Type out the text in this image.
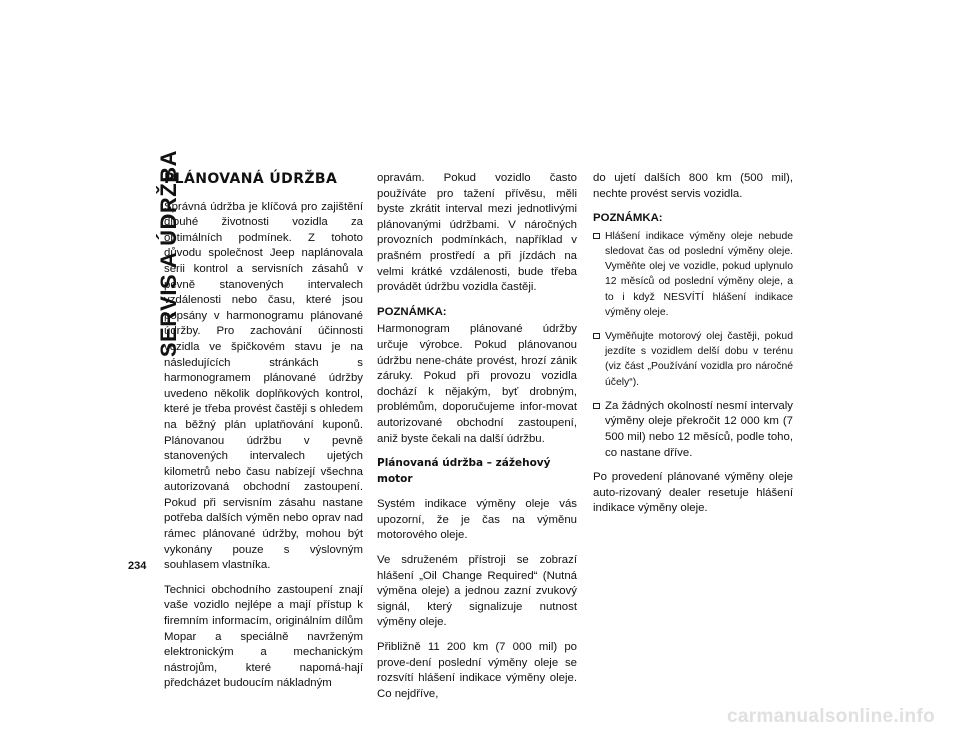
SERVIS A ÚDRŽBA
234
PLÁNOVANÁ ÚDRŽBA

Správná údržba je klíčová pro zajištění dlouhé životnosti vozidla za optimálních podmínek. Z tohoto důvodu společnost Jeep naplánovala sérii kontrol a servisních zásahů v pevně stanovených intervalech vzdálenosti nebo času, které jsou popsány v harmonogramu plánované údržby. Pro zachování účinnosti vozidla ve špičkovém stavu je na následujících stránkách s harmonogramem plánované údržby uvedeno několik doplňkových kontrol, které je třeba provést častěji s ohledem na běžný plán uplatňování kuponů. Plánovanou údržbu v pevně stanovených intervalech ujetých kilometrů nebo času nabízejí všechna autorizovaná obchodní zastoupení. Pokud při servisním zásahu nastane potřeba dalších výměn nebo oprav nad rámec plánované údržby, mohou být vykonány pouze s výslovným souhlasem vlastníka.

Technici obchodního zastoupení znají vaše vozidlo nejlépe a mají přístup k firemním informacím, originálním dílům Mopar a speciálně navrženým elektronickým a mechanickým nástrojům, které napomá-hají předcházet budoucím nákladným

opravám. Pokud vozidlo často používáte pro tažení přívěsu, měli byste zkrátit interval mezi jednotlivými plánovanými údržbami. V náročných provozních podmínkách, například v prašném prostředí a při jízdách na velmi krátké vzdálenosti, bude třeba provádět údržbu vozidla častěji.

POZNÁMKA:

Harmonogram plánované údržby určuje výrobce. Pokud plánovanou údržbu nene-cháte provést, hrozí zánik záruky. Pokud při provozu vozidla dochází k nějakým, byť drobným, problémům, doporučujeme infor-movat autorizované obchodní zastoupení, aniž byste čekali na další údržbu.

Plánovaná údržba – zážehový motor

Systém indikace výměny oleje vás upozorní, že je čas na výměnu motorového oleje.

Ve sdruženém přístroji se zobrazí hlášení „Oil Change Required“ (Nutná výměna oleje) a jednou zazní zvukový signál, který signalizuje nutnost výměny oleje.

Přibližně 11 200 km (7 000 mil) po prove-dení poslední výměny oleje se rozsvítí hlášení indikace výměny oleje. Co nejdříve,

do ujetí dalších 800 km (500 mil), nechte provést servis vozidla.

POZNÁMKA:
Hlášení indikace výměny oleje nebude sledovat čas od poslední výměny oleje. Vyměňte olej ve vozidle, pokud uplynulo 12 měsíců od poslední výměny oleje, a to i když NESVÍTÍ hlášení indikace výměny oleje.
Vyměňujte motorový olej častěji, pokud jezdíte s vozidlem delší dobu v terénu (viz část „Používání vozidla pro náročné účely“).
Za žádných okolností nesmí intervaly výměny oleje překročit 12 000 km (7 500 mil) nebo 12 měsíců, podle toho, co nastane dříve.

Po provedení plánované výměny oleje auto-rizovaný dealer resetuje hlášení indikace výměny oleje.

carmanualsonline.info
